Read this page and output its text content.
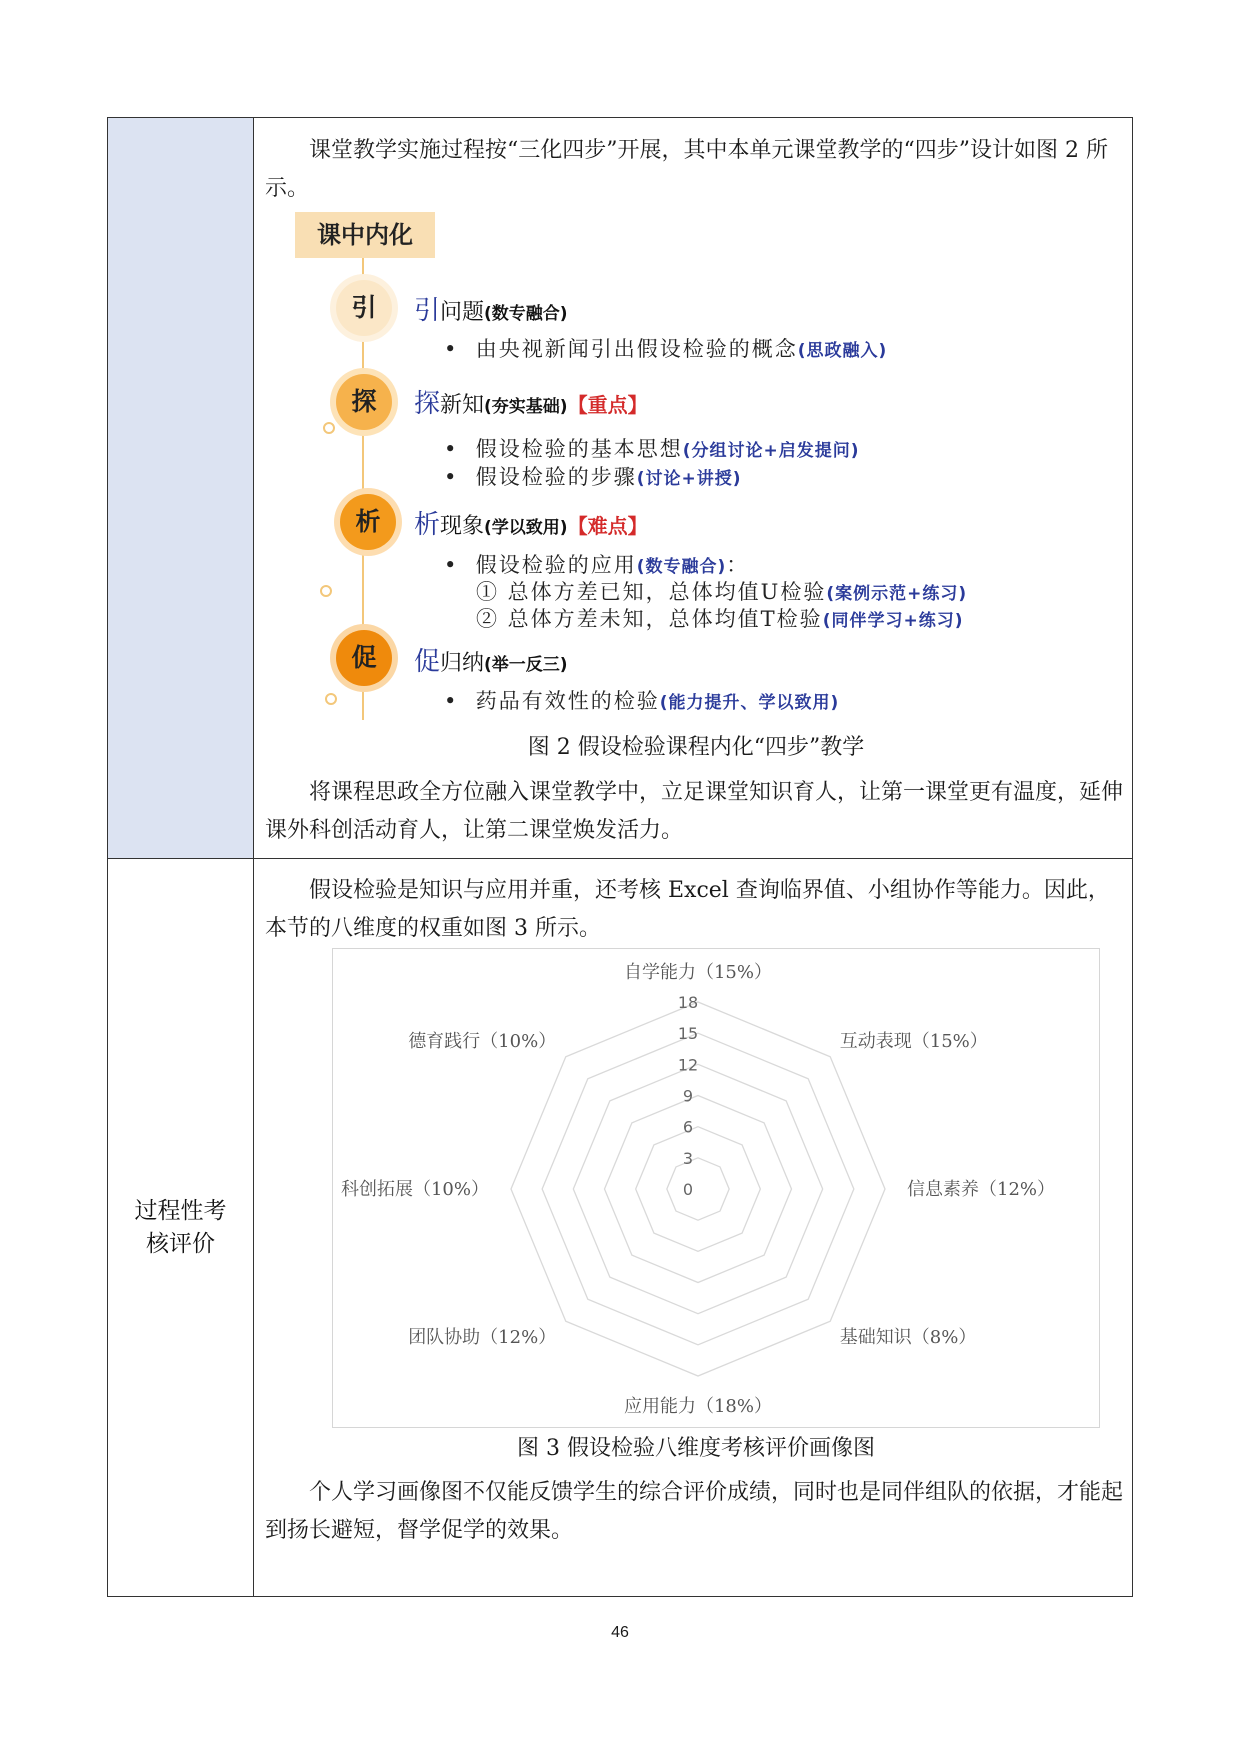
过程性考
核评价
课堂教学实施过程按“三化四步”开展，其中本单元课堂教学的“四步”设计如图 2 所示。
课中内化
引	引问题(数专融合)
•  由央视新闻引出假设检验的概念(思政融入)
探	探新知(夯实基础)【重点】
•  假设检验的基本思想(分组讨论+启发提问)
•  假设检验的步骤(讨论+讲授)
析	析现象(学以致用)【难点】
•  假设检验的应用(数专融合)：
① 总体方差已知，总体均值U检验(案例示范+练习)
② 总体方差未知，总体均值T检验(同伴学习+练习)
促	促归纳(举一反三)
•  药品有效性的检验(能力提升、学以致用)
图 2 假设检验课程内化“四步”教学
将课程思政全方位融入课堂教学中，立足课堂知识育人，让第一课堂更有温度，延伸课外科创活动育人，让第二课堂焕发活力。
假设检验是知识与应用并重，还考核 Excel 查询临界值、小组协作等能力。因此，本节的八维度的权重如图 3 所示。
0
3
6
9
12
15
18
自学能力（15%）
互动表现（15%）
信息素养（12%）
基础知识（8%）
应用能力（18%）
团队协助（12%）
科创拓展（10%）
德育践行（10%）
图 3 假设检验八维度考核评价画像图
个人学习画像图不仅能反馈学生的综合评价成绩，同时也是同伴组队的依据，才能起到扬长避短，督学促学的效果。
46
